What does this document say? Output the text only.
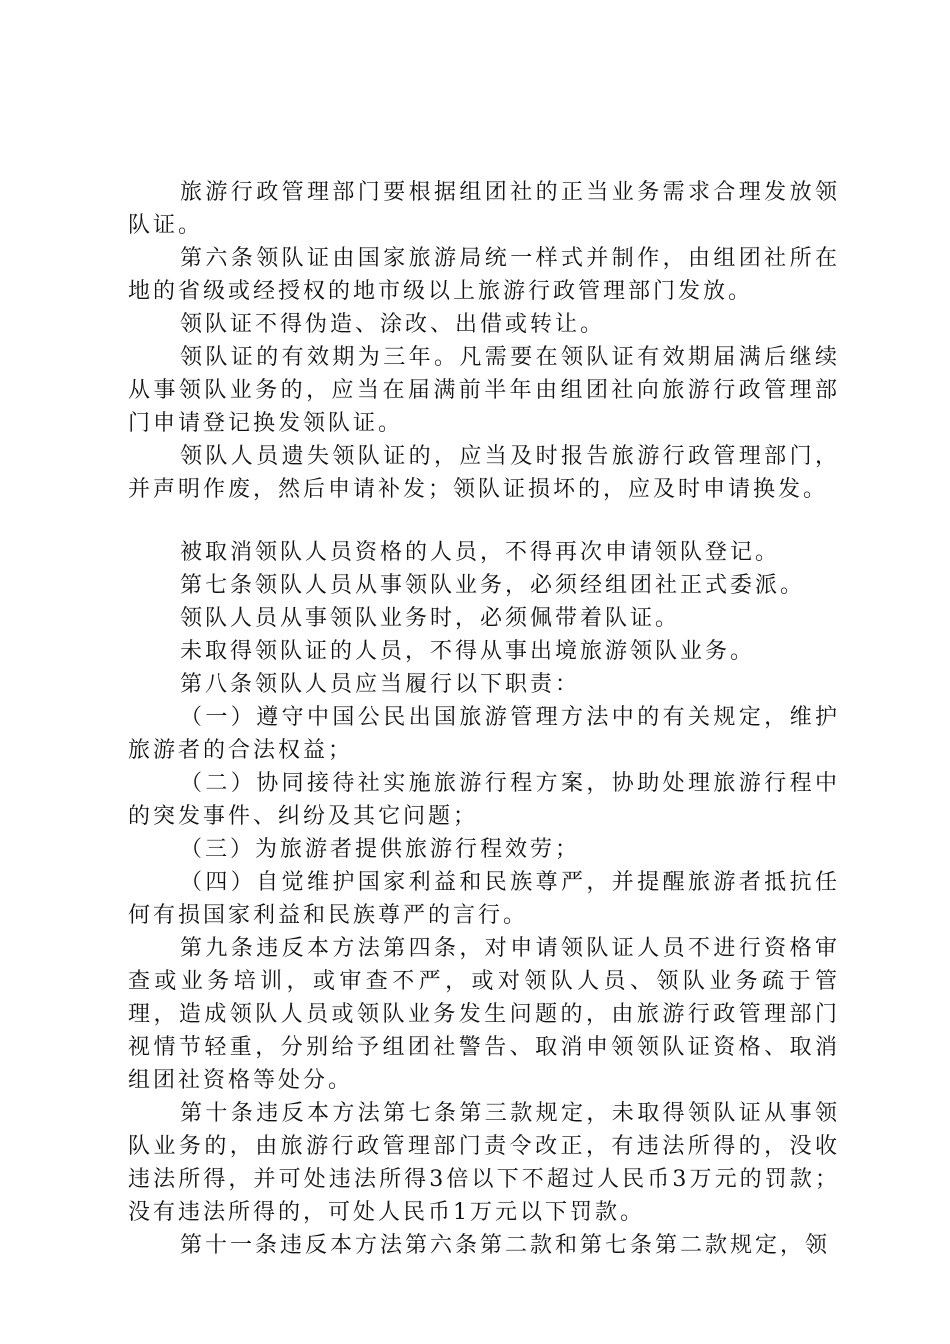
旅游行政管理部门要根据组团社的正当业务需求合理发放领队证。

第六条领队证由国家旅游局统一样式并制作，由组团社所在地的省级或经授权的地市级以上旅游行政管理部门发放。

领队证不得伪造、涂改、出借或转让。

领队证的有效期为三年。凡需要在领队证有效期届满后继续从事领队业务的，应当在届满前半年由组团社向旅游行政管理部门申请登记换发领队证。

领队人员遗失领队证的，应当及时报告旅游行政管理部门，并声明作废，然后申请补发；领队证损坏的，应及时申请换发。

被取消领队人员资格的人员，不得再次申请领队登记。

第七条领队人员从事领队业务，必须经组团社正式委派。

领队人员从事领队业务时，必须佩带着队证。

未取得领队证的人员，不得从事出境旅游领队业务。

第八条领队人员应当履行以下职责：

（一）遵守中国公民出国旅游管理方法中的有关规定，维护旅游者的合法权益；

（二）协同接待社实施旅游行程方案，协助处理旅游行程中的突发事件、纠纷及其它问题；

（三）为旅游者提供旅游行程效劳；

（四）自觉维护国家利益和民族尊严，并提醒旅游者抵抗任何有损国家利益和民族尊严的言行。

第九条违反本方法第四条，对申请领队证人员不进行资格审查或业务培训，或审查不严，或对领队人员、领队业务疏于管理，造成领队人员或领队业务发生问题的，由旅游行政管理部门视情节轻重，分别给予组团社警告、取消申领领队证资格、取消组团社资格等处分。

第十条违反本方法第七条第三款规定，未取得领队证从事领队业务的，由旅游行政管理部门责令改正，有违法所得的，没收违法所得，并可处违法所得3倍以下不超过人民币3万元的罚款；没有违法所得的，可处人民币1万元以下罚款。

第十一条违反本方法第六条第二款和第七条第二款规定，领
